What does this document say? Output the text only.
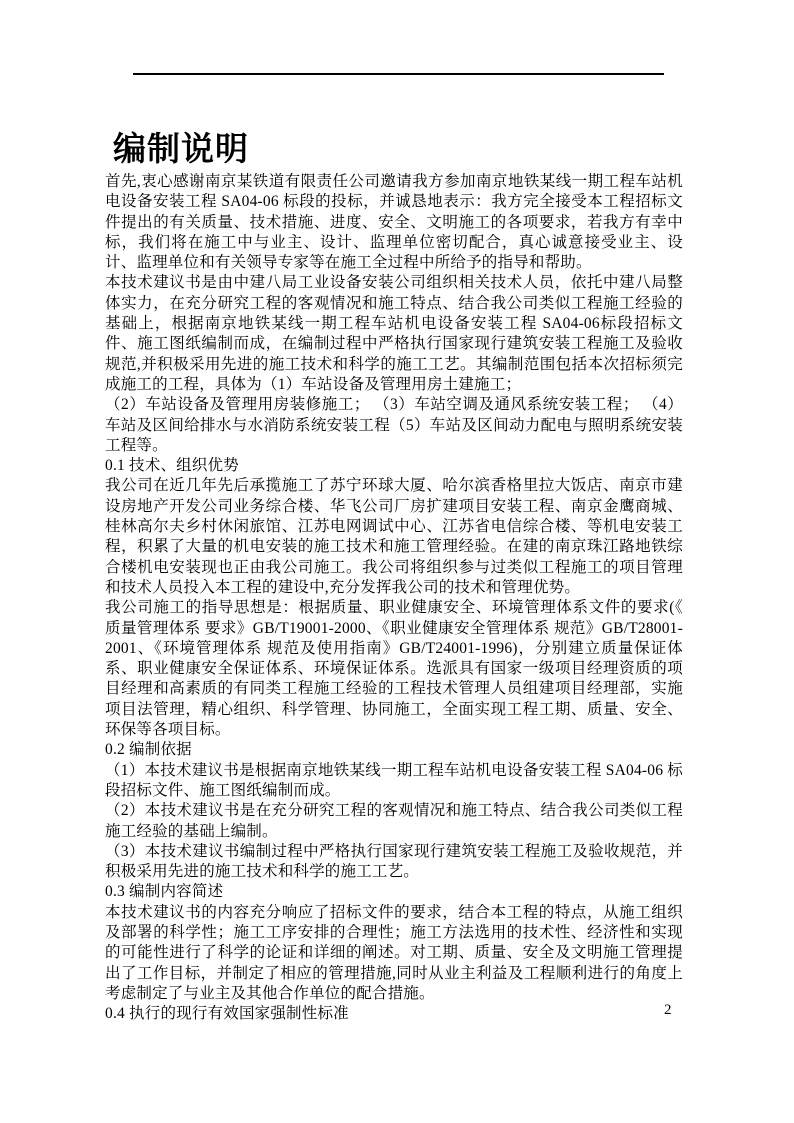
编制说明

首先,衷心感谢南京某铁道有限责任公司邀请我方参加南京地铁某线一期工程车站机电设备安装工程 SA04-06 标段的投标，并诚恳地表示：我方完全接受本工程招标文件提出的有关质量、技术措施、进度、安全、文明施工的各项要求，若我方有幸中标，我们将在施工中与业主、设计、监理单位密切配合，真心诚意接受业主、设计、监理单位和有关领导专家等在施工全过程中所给予的指导和帮助。

本技术建议书是由中建八局工业设备安装公司组织相关技术人员，依托中建八局整体实力，在充分研究工程的客观情况和施工特点、结合我公司类似工程施工经验的基础上，根据南京地铁某线一期工程车站机电设备安装工程 SA04-06标段招标文件、施工图纸编制而成，在编制过程中严格执行国家现行建筑安装工程施工及验收规范,并积极采用先进的施工技术和科学的施工工艺。其编制范围包括本次招标须完成施工的工程，具体为（1）车站设备及管理用房土建施工；

（2）车站设备及管理用房装修施工； （3）车站空调及通风系统安装工程； （4）车站及区间给排水与水消防系统安装工程（5）车站及区间动力配电与照明系统安装工程等。

0.1 技术、组织优势

我公司在近几年先后承揽施工了苏宁环球大厦、哈尔滨香格里拉大饭店、南京市建设房地产开发公司业务综合楼、华飞公司厂房扩建项目安装工程、南京金鹰商城、桂林高尔夫乡村休闲旅馆、江苏电网调试中心、江苏省电信综合楼、等机电安装工程，积累了大量的机电安装的施工技术和施工管理经验。在建的南京珠江路地铁综合楼机电安装现也正由我公司施工。我公司将组织参与过类似工程施工的项目管理和技术人员投入本工程的建设中,充分发挥我公司的技术和管理优势。

我公司施工的指导思想是：根据质量、职业健康安全、环境管理体系文件的要求(《 质量管理体系 要求》GB/T19001-2000、《职业健康安全管理体系 规范》GB/T28001-2001、《环境管理体系 规范及使用指南》GB/T24001-1996)，分别建立质量保证体系、职业健康安全保证体系、环境保证体系。选派具有国家一级项目经理资质的项目经理和高素质的有同类工程施工经验的工程技术管理人员组建项目经理部，实施项目法管理，精心组织、科学管理、协同施工，全面实现工程工期、质量、安全、环保等各项目标。

0.2 编制依据

（1）本技术建议书是根据南京地铁某线一期工程车站机电设备安装工程 SA04-06 标段招标文件、施工图纸编制而成。

（2）本技术建议书是在充分研究工程的客观情况和施工特点、结合我公司类似工程施工经验的基础上编制。

（3）本技术建议书编制过程中严格执行国家现行建筑安装工程施工及验收规范，并积极采用先进的施工技术和科学的施工工艺。

0.3 编制内容简述

本技术建议书的内容充分响应了招标文件的要求，结合本工程的特点，从施工组织及部署的科学性；施工工序安排的合理性；施工方法选用的技术性、经济性和实现的可能性进行了科学的论证和详细的阐述。对工期、质量、安全及文明施工管理提出了工作目标，并制定了相应的管理措施,同时从业主利益及工程顺利进行的角度上考虑制定了与业主及其他合作单位的配合措施。

0.4 执行的现行有效国家强制性标准	2
